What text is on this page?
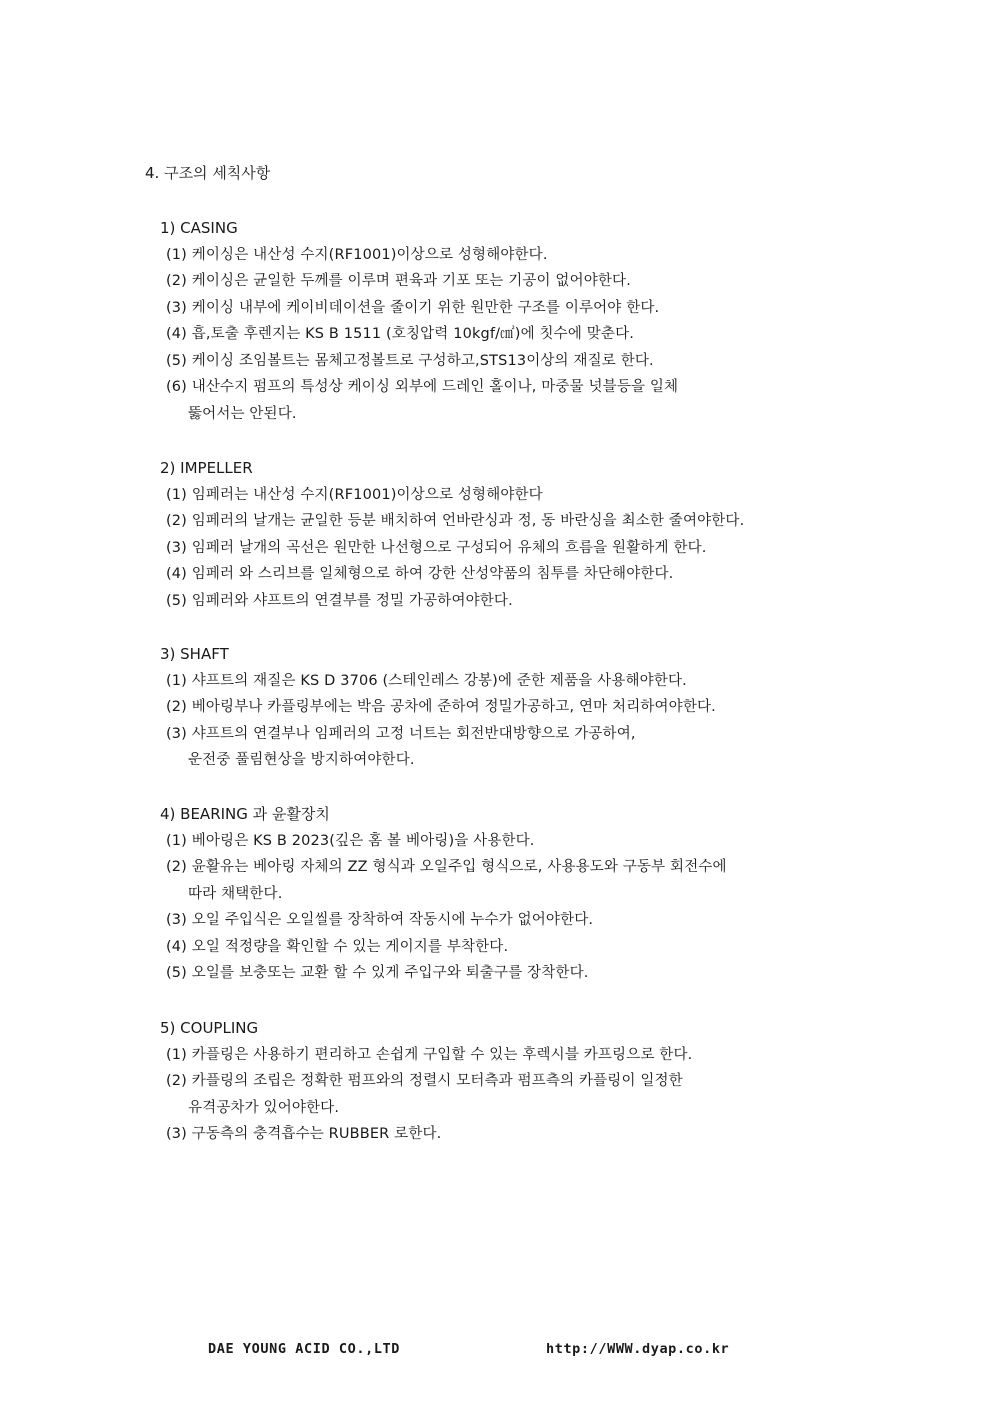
4. 구조의 세칙사항
1) CASING
(1) 케이싱은 내산성 수지(RF1001)이상으로 성형해야한다.
(2) 케이싱은 균일한 두께를 이루며 편육과 기포 또는 기공이 없어야한다.
(3) 케이싱 내부에 케이비데이션을 줄이기 위한 원만한 구조를 이루어야 한다.
(4) 흡,토출 후렌지는 KS B 1511 (호칭압력 10kgf/㎠)에 칫수에 맞춘다.
(5) 케이싱 조임볼트는 몸체고정볼트로 구성하고,STS13이상의 재질로 한다.
(6) 내산수지 펌프의 특성상 케이싱 외부에 드레인 홀이나, 마중물 넛블등을 일체
뚫어서는 안된다.
2) IMPELLER
(1) 임페러는 내산성 수지(RF1001)이상으로 성형해야한다
(2) 임페러의 날개는 균일한 등분 배치하여 언바란싱과 정, 동 바란싱을 최소한 줄여야한다.
(3) 임페러 날개의 곡선은 원만한 나선형으로 구성되어 유체의 흐름을 원활하게 한다.
(4) 임페러 와 스리브를 일체형으로 하여 강한 산성약품의 침투를 차단해야한다.
(5) 임페러와 샤프트의 연결부를 정밀 가공하여야한다.
3) SHAFT
(1) 샤프트의 재질은 KS D 3706 (스테인레스 강봉)에 준한 제품을 사용해야한다.
(2) 베아링부나 카플링부에는 박음 공차에 준하여 정밀가공하고, 연마 처리하여야한다.
(3) 샤프트의 연결부나 임페러의 고정 너트는 회전반대방향으로 가공하여,
운전중 풀림현상을 방지하여야한다.
4) BEARING 과 윤활장치
(1) 베아링은 KS B 2023(깊은 홈 볼 베아링)을 사용한다.
(2) 윤활유는 베아링 자체의 ZZ 형식과 오일주입 형식으로, 사용용도와 구동부 회전수에
따라 채택한다.
(3) 오일 주입식은 오일씰를 장착하여 작동시에 누수가 없어야한다.
(4) 오일 적정량을 확인할 수 있는 게이지를 부착한다.
(5) 오일를 보충또는 교환 할 수 있게 주입구와 퇴출구를 장착한다.
5) COUPLING
(1) 카플링은 사용하기 편리하고 손쉽게 구입할 수 있는 후렉시블 카프링으로 한다.
(2) 카플링의 조립은 정확한 펌프와의 정렬시 모터측과 펌프측의 카플링이 일정한
유격공차가 있어야한다.
(3) 구동측의 충격흡수는 RUBBER 로한다.
DAE YOUNG ACID CO.,LTD	http://WWW.dyap.co.kr
